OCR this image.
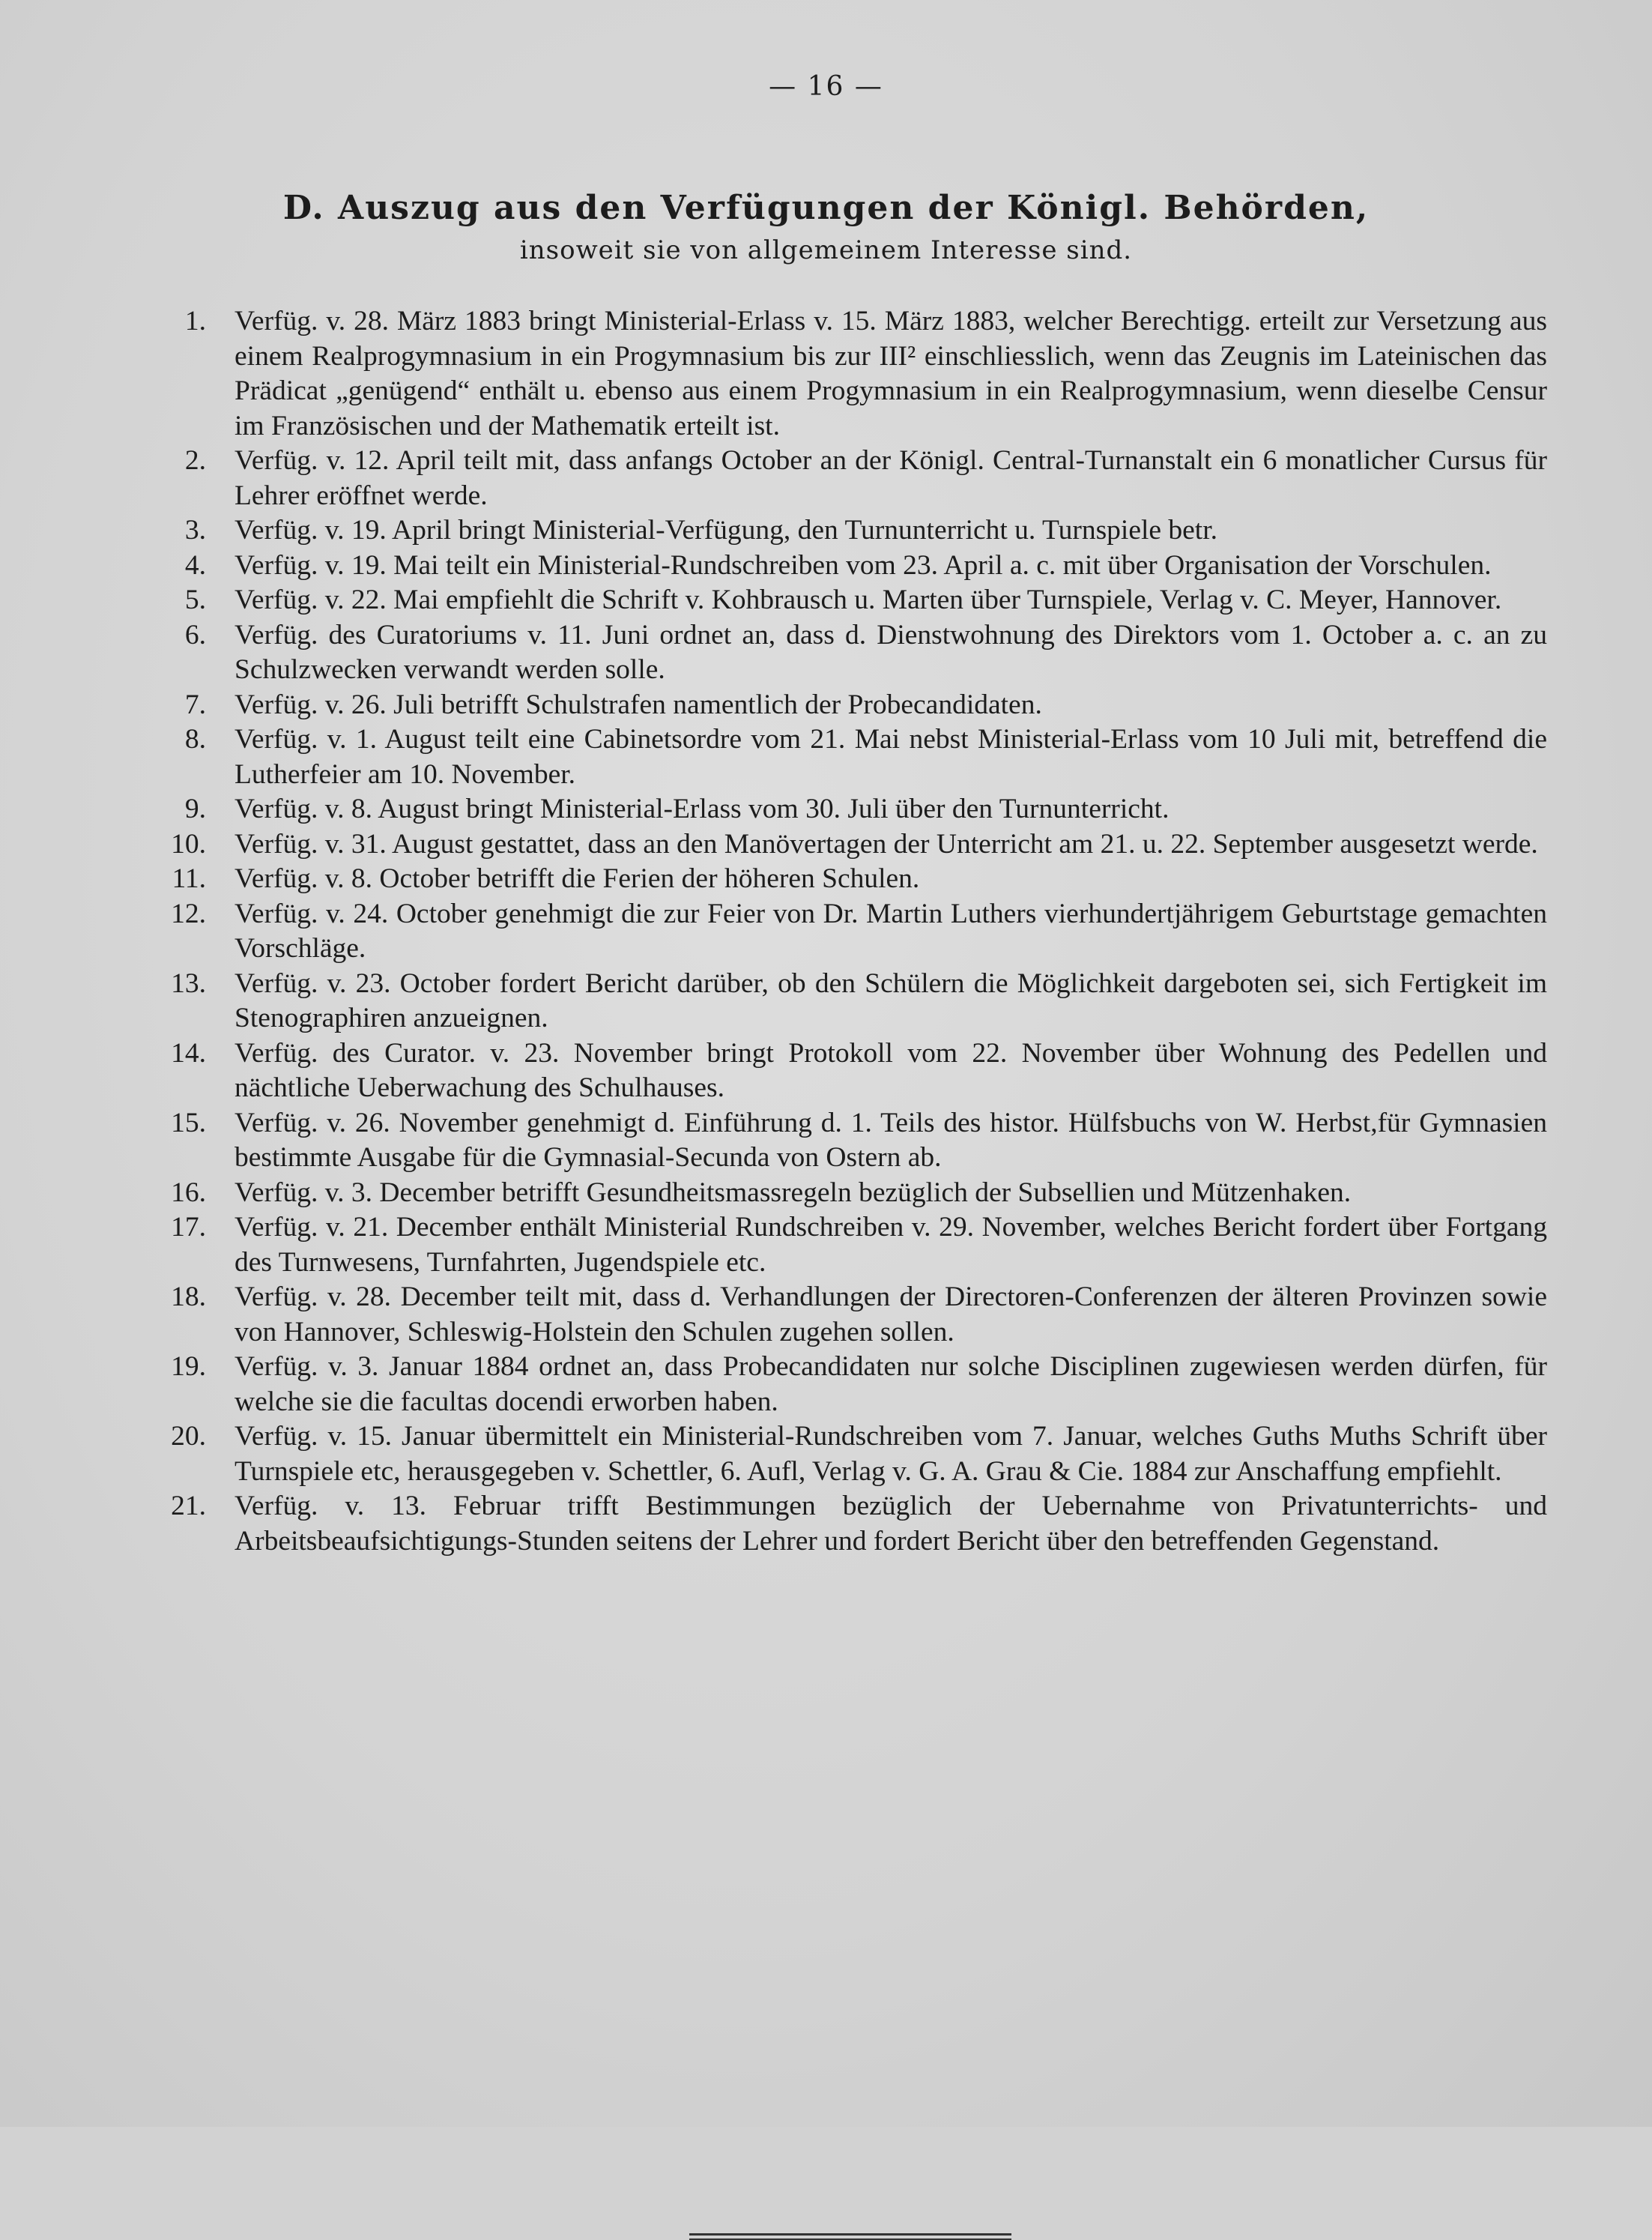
— 16 —
D. Auszug aus den Verfügungen der Königl. Behörden,
insoweit sie von allgemeinem Interesse sind.
1. Verfüg. v. 28. März 1883 bringt Ministerial-Erlass v. 15. März 1883, welcher Berechtigg. erteilt zur Versetzung aus einem Realprogymnasium in ein Progymnasium bis zur III² einschliesslich, wenn das Zeugnis im Lateinischen das Prädicat „genügend“ enthält u. ebenso aus einem Progymnasium in ein Realprogymnasium, wenn dieselbe Censur im Französischen und der Mathematik erteilt ist.
2. Verfüg. v. 12. April teilt mit, dass anfangs October an der Königl. Central-Turnanstalt ein 6 monatlicher Cursus für Lehrer eröffnet werde.
3. Verfüg. v. 19. April bringt Ministerial-Verfügung, den Turnunterricht u. Turnspiele betr.
4. Verfüg. v. 19. Mai teilt ein Ministerial-Rundschreiben vom 23. April a. c. mit über Organisation der Vorschulen.
5. Verfüg. v. 22. Mai empfiehlt die Schrift v. Kohbrausch u. Marten über Turnspiele, Verlag v. C. Meyer, Hannover.
6. Verfüg. des Curatoriums v. 11. Juni ordnet an, dass d. Dienstwohnung des Direktors vom 1. October a. c. an zu Schulzwecken verwandt werden solle.
7. Verfüg. v. 26. Juli betrifft Schulstrafen namentlich der Probecandidaten.
8. Verfüg. v. 1. August teilt eine Cabinetsordre vom 21. Mai nebst Ministerial-Erlass vom 10 Juli mit, betreffend die Lutherfeier am 10. November.
9. Verfüg. v. 8. August bringt Ministerial-Erlass vom 30. Juli über den Turnunterricht.
10. Verfüg. v. 31. August gestattet, dass an den Manövertagen der Unterricht am 21. u. 22. September ausgesetzt werde.
11. Verfüg. v. 8. October betrifft die Ferien der höheren Schulen.
12. Verfüg. v. 24. October genehmigt die zur Feier von Dr. Martin Luthers vierhundertjährigem Geburtstage gemachten Vorschläge.
13. Verfüg. v. 23. October fordert Bericht darüber, ob den Schülern die Möglichkeit dargeboten sei, sich Fertigkeit im Stenographiren anzueignen.
14. Verfüg. des Curator. v. 23. November bringt Protokoll vom 22. November über Wohnung des Pedellen und nächtliche Ueberwachung des Schulhauses.
15. Verfüg. v. 26. November genehmigt d. Einführung d. 1. Teils des histor. Hülfsbuchs von W. Herbst,für Gymnasien bestimmte Ausgabe für die Gymnasial-Secunda von Ostern ab.
16. Verfüg. v. 3. December betrifft Gesundheitsmassregeln bezüglich der Subsellien und Mützenhaken.
17. Verfüg. v. 21. December enthält Ministerial Rundschreiben v. 29. November, welches Bericht fordert über Fortgang des Turnwesens, Turnfahrten, Jugendspiele etc.
18. Verfüg. v. 28. December teilt mit, dass d. Verhandlungen der Directoren-Conferenzen der älteren Provinzen sowie von Hannover, Schleswig-Holstein den Schulen zugehen sollen.
19. Verfüg. v. 3. Januar 1884 ordnet an, dass Probecandidaten nur solche Disciplinen zugewiesen werden dürfen, für welche sie die facultas docendi erworben haben.
20. Verfüg. v. 15. Januar übermittelt ein Ministerial-Rundschreiben vom 7. Januar, welches Guths Muths Schrift über Turnspiele etc, herausgegeben v. Schettler, 6. Aufl, Verlag v. G. A. Grau & Cie. 1884 zur Anschaffung empfiehlt.
21. Verfüg. v. 13. Februar trifft Bestimmungen bezüglich der Uebernahme von Privatunterrichts- und Arbeitsbeaufsichtigungs-Stunden seitens der Lehrer und fordert Bericht über den betreffenden Gegenstand.
